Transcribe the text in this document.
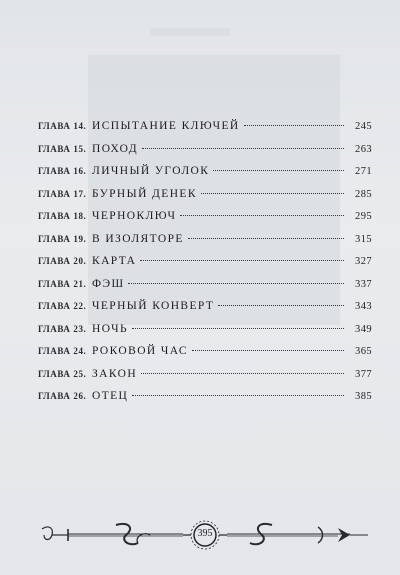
ГЛАВА 14. ИСПЫТАНИЕ КЛЮЧЕЙ	245
ГЛАВА 15. ПОХОД	263
ГЛАВА 16. ЛИЧНЫЙ УГОЛОК	271
ГЛАВА 17. БУРНЫЙ ДЕНЕК	285
ГЛАВА 18. ЧЕРНОКЛЮЧ	295
ГЛАВА 19. В ИЗОЛЯТОРЕ	315
ГЛАВА 20. КАРТА	327
ГЛАВА 21. ФЭШ	337
ГЛАВА 22. ЧЕРНЫЙ КОНВЕРТ	343
ГЛАВА 23. НОЧЬ	349
ГЛАВА 24. РОКОВОЙ ЧАС	365
ГЛАВА 25. ЗАКОН	377
ГЛАВА 26. ОТЕЦ	385
395
